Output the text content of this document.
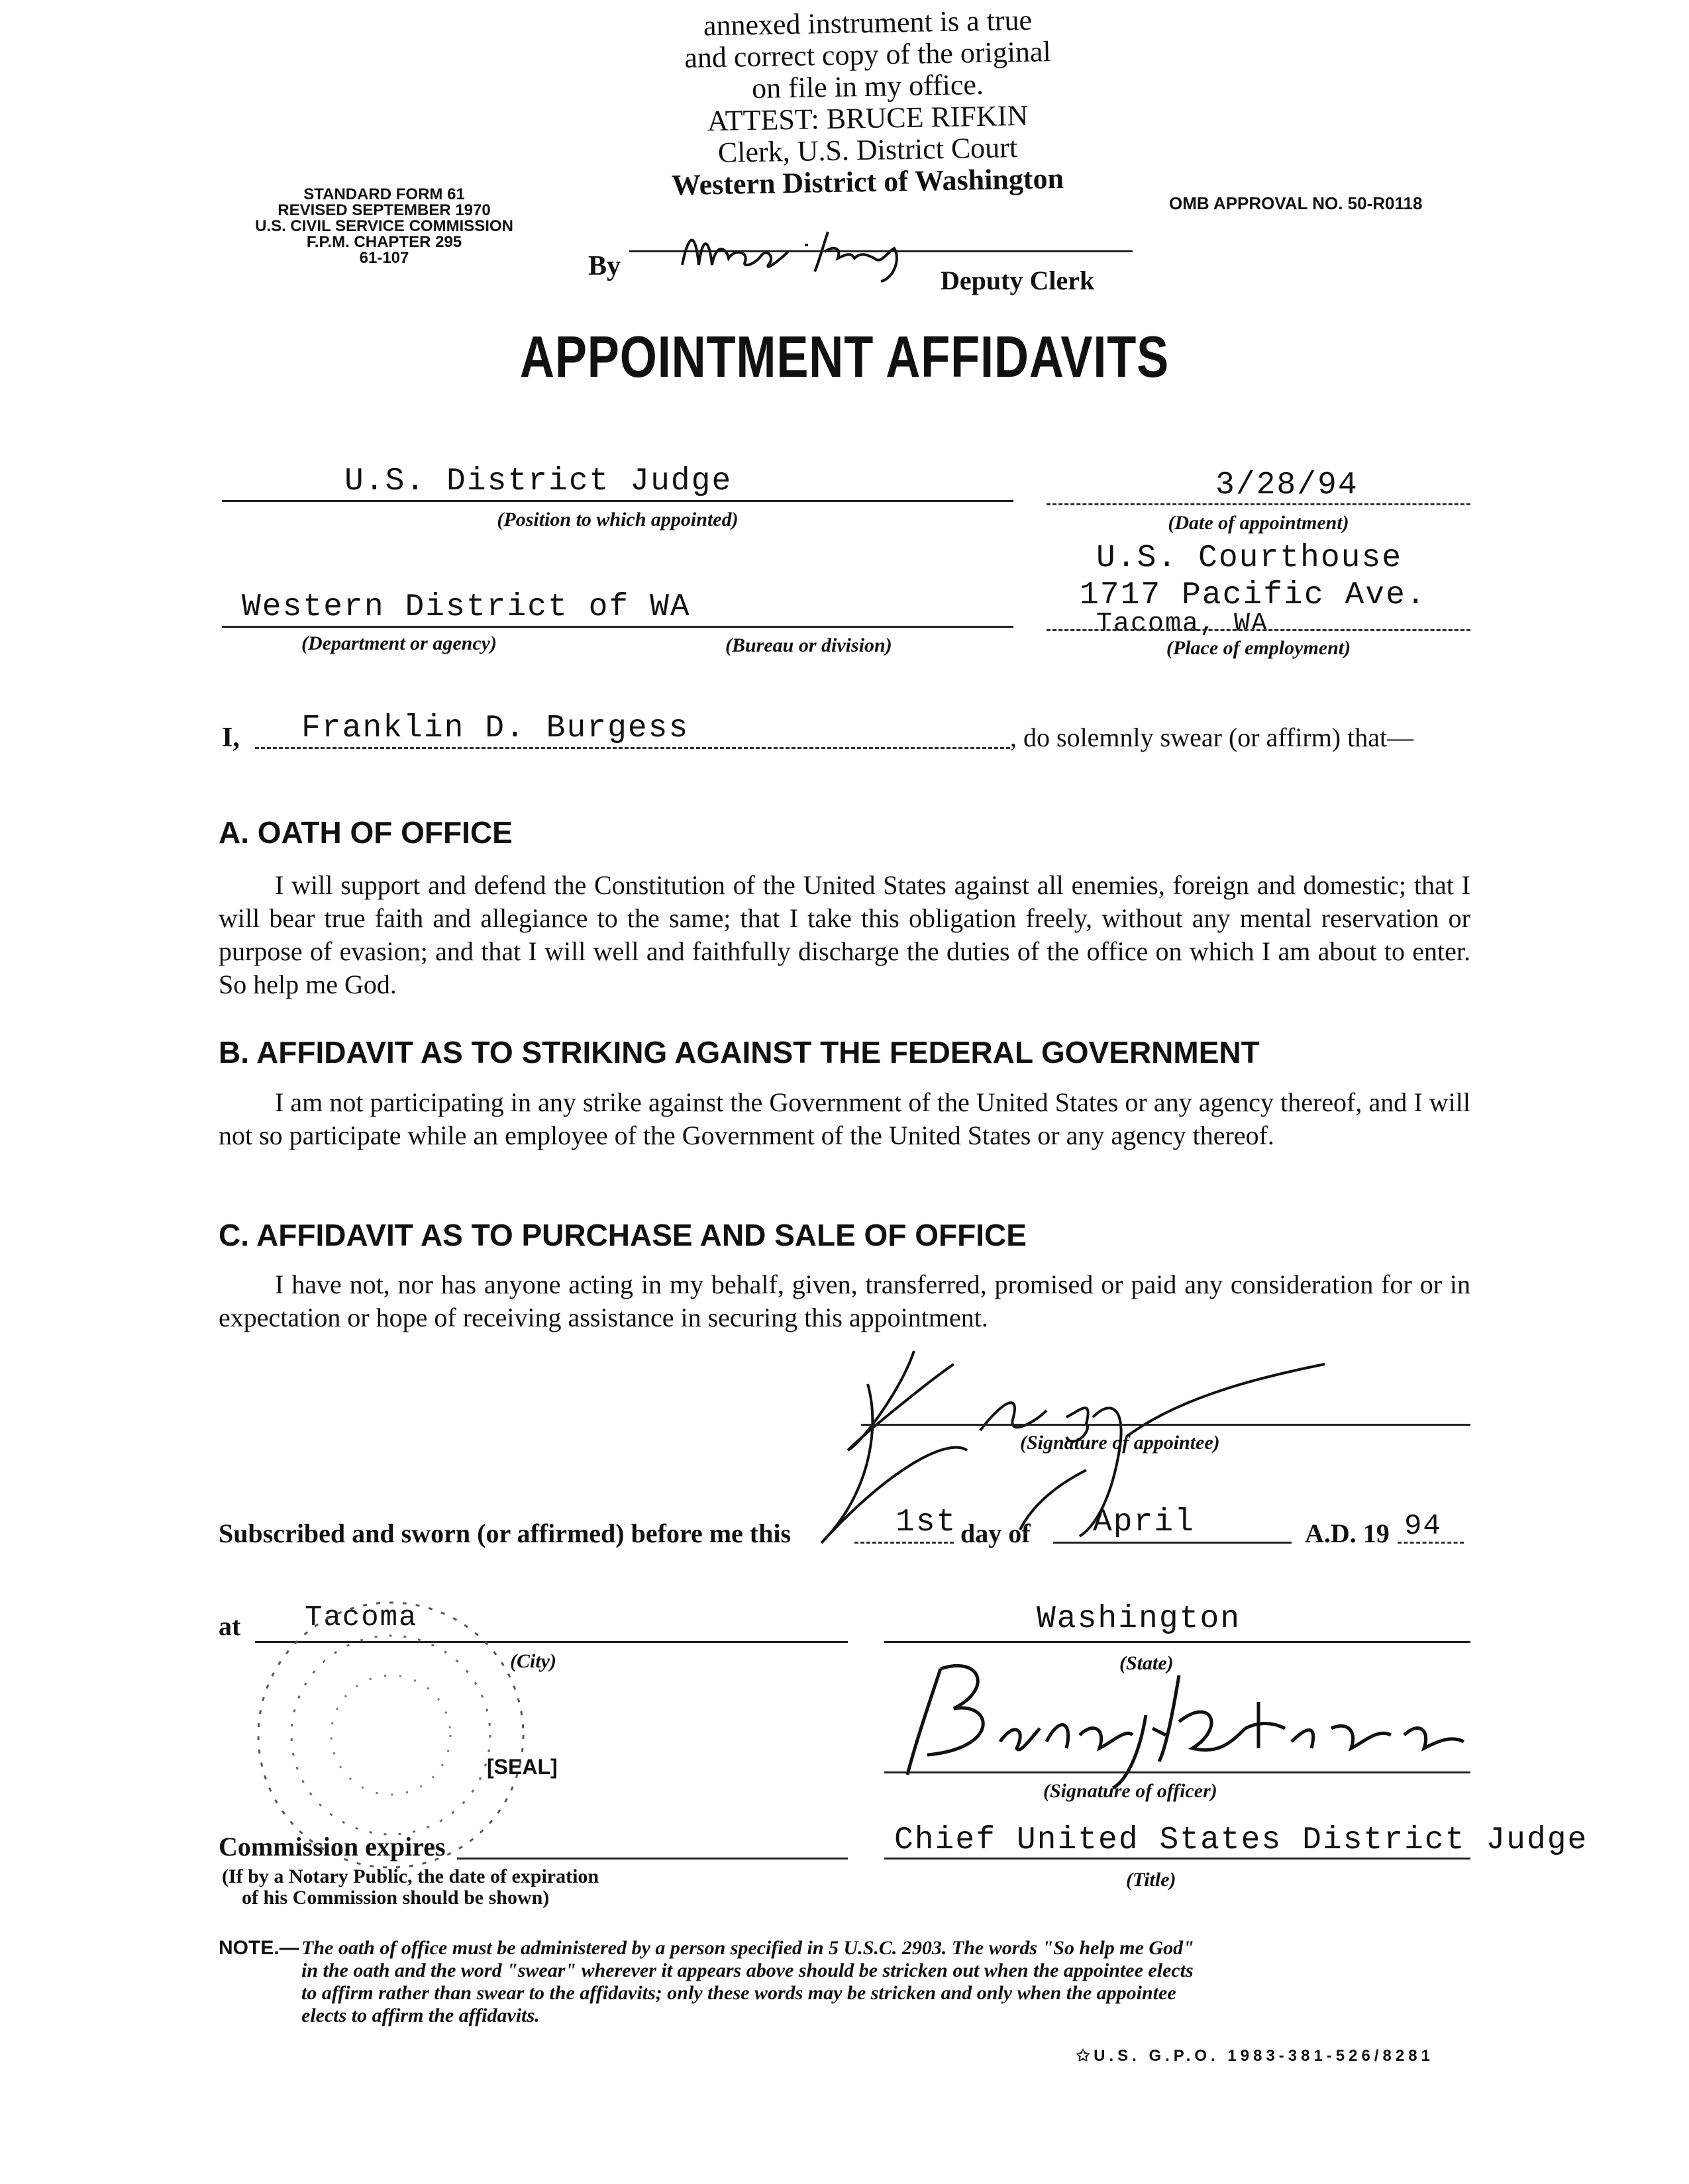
annexed instrument is a true
and correct copy of the original
on file in my office.
ATTEST: BRUCE RIFKIN
Clerk, U.S. District Court
Western District of Washington
By	Deputy Clerk
STANDARD FORM 61
REVISED SEPTEMBER 1970
U.S. CIVIL SERVICE COMMISSION
F.P.M. CHAPTER 295
61-107
OMB APPROVAL NO. 50-R0118
APPOINTMENT AFFIDAVITS
U.S. District Judge
(Position to which appointed)
3/28/94
(Date of appointment)
Western District of WA
(Department or agency)	(Bureau or division)
U.S. Courthouse
1717 Pacific Ave.
Tacoma, WA
(Place of employment)
I, Franklin D. Burgess	, do solemnly swear (or affirm) that—
A. OATH OF OFFICE
I will support and defend the Constitution of the United States against all enemies, foreign and domestic; that I will bear true faith and allegiance to the same; that I take this obligation freely, without any mental reservation or purpose of evasion; and that I will well and faithfully discharge the duties of the office on which I am about to enter. So help me God.
B. AFFIDAVIT AS TO STRIKING AGAINST THE FEDERAL GOVERNMENT
I am not participating in any strike against the Government of the United States or any agency thereof, and I will not so participate while an employee of the Government of the United States or any agency thereof.
C. AFFIDAVIT AS TO PURCHASE AND SALE OF OFFICE
I have not, nor has anyone acting in my behalf, given, transferred, promised or paid any consideration for or in expectation or hope of receiving assistance in securing this appointment.
(Signature of appointee)
Subscribed and sworn (or affirmed) before me this	1st day of April	A.D. 19 94
at Tacoma
(City)
Washington
(State)
[SEAL]
(Signature of officer)
Commission expires
(If by a Notary Public, the date of expiration
of his Commission should be shown)
Chief United States District Judge
(Title)
NOTE.— The oath of office must be administered by a person specified in 5 U.S.C. 2903. The words "So help me God"
in the oath and the word "swear" wherever it appears above should be stricken out when the appointee elects
to affirm rather than swear to the affidavits; only these words may be stricken and only when the appointee
elects to affirm the affidavits.
✩U.S. G.P.O. 1983-381-526/8281
